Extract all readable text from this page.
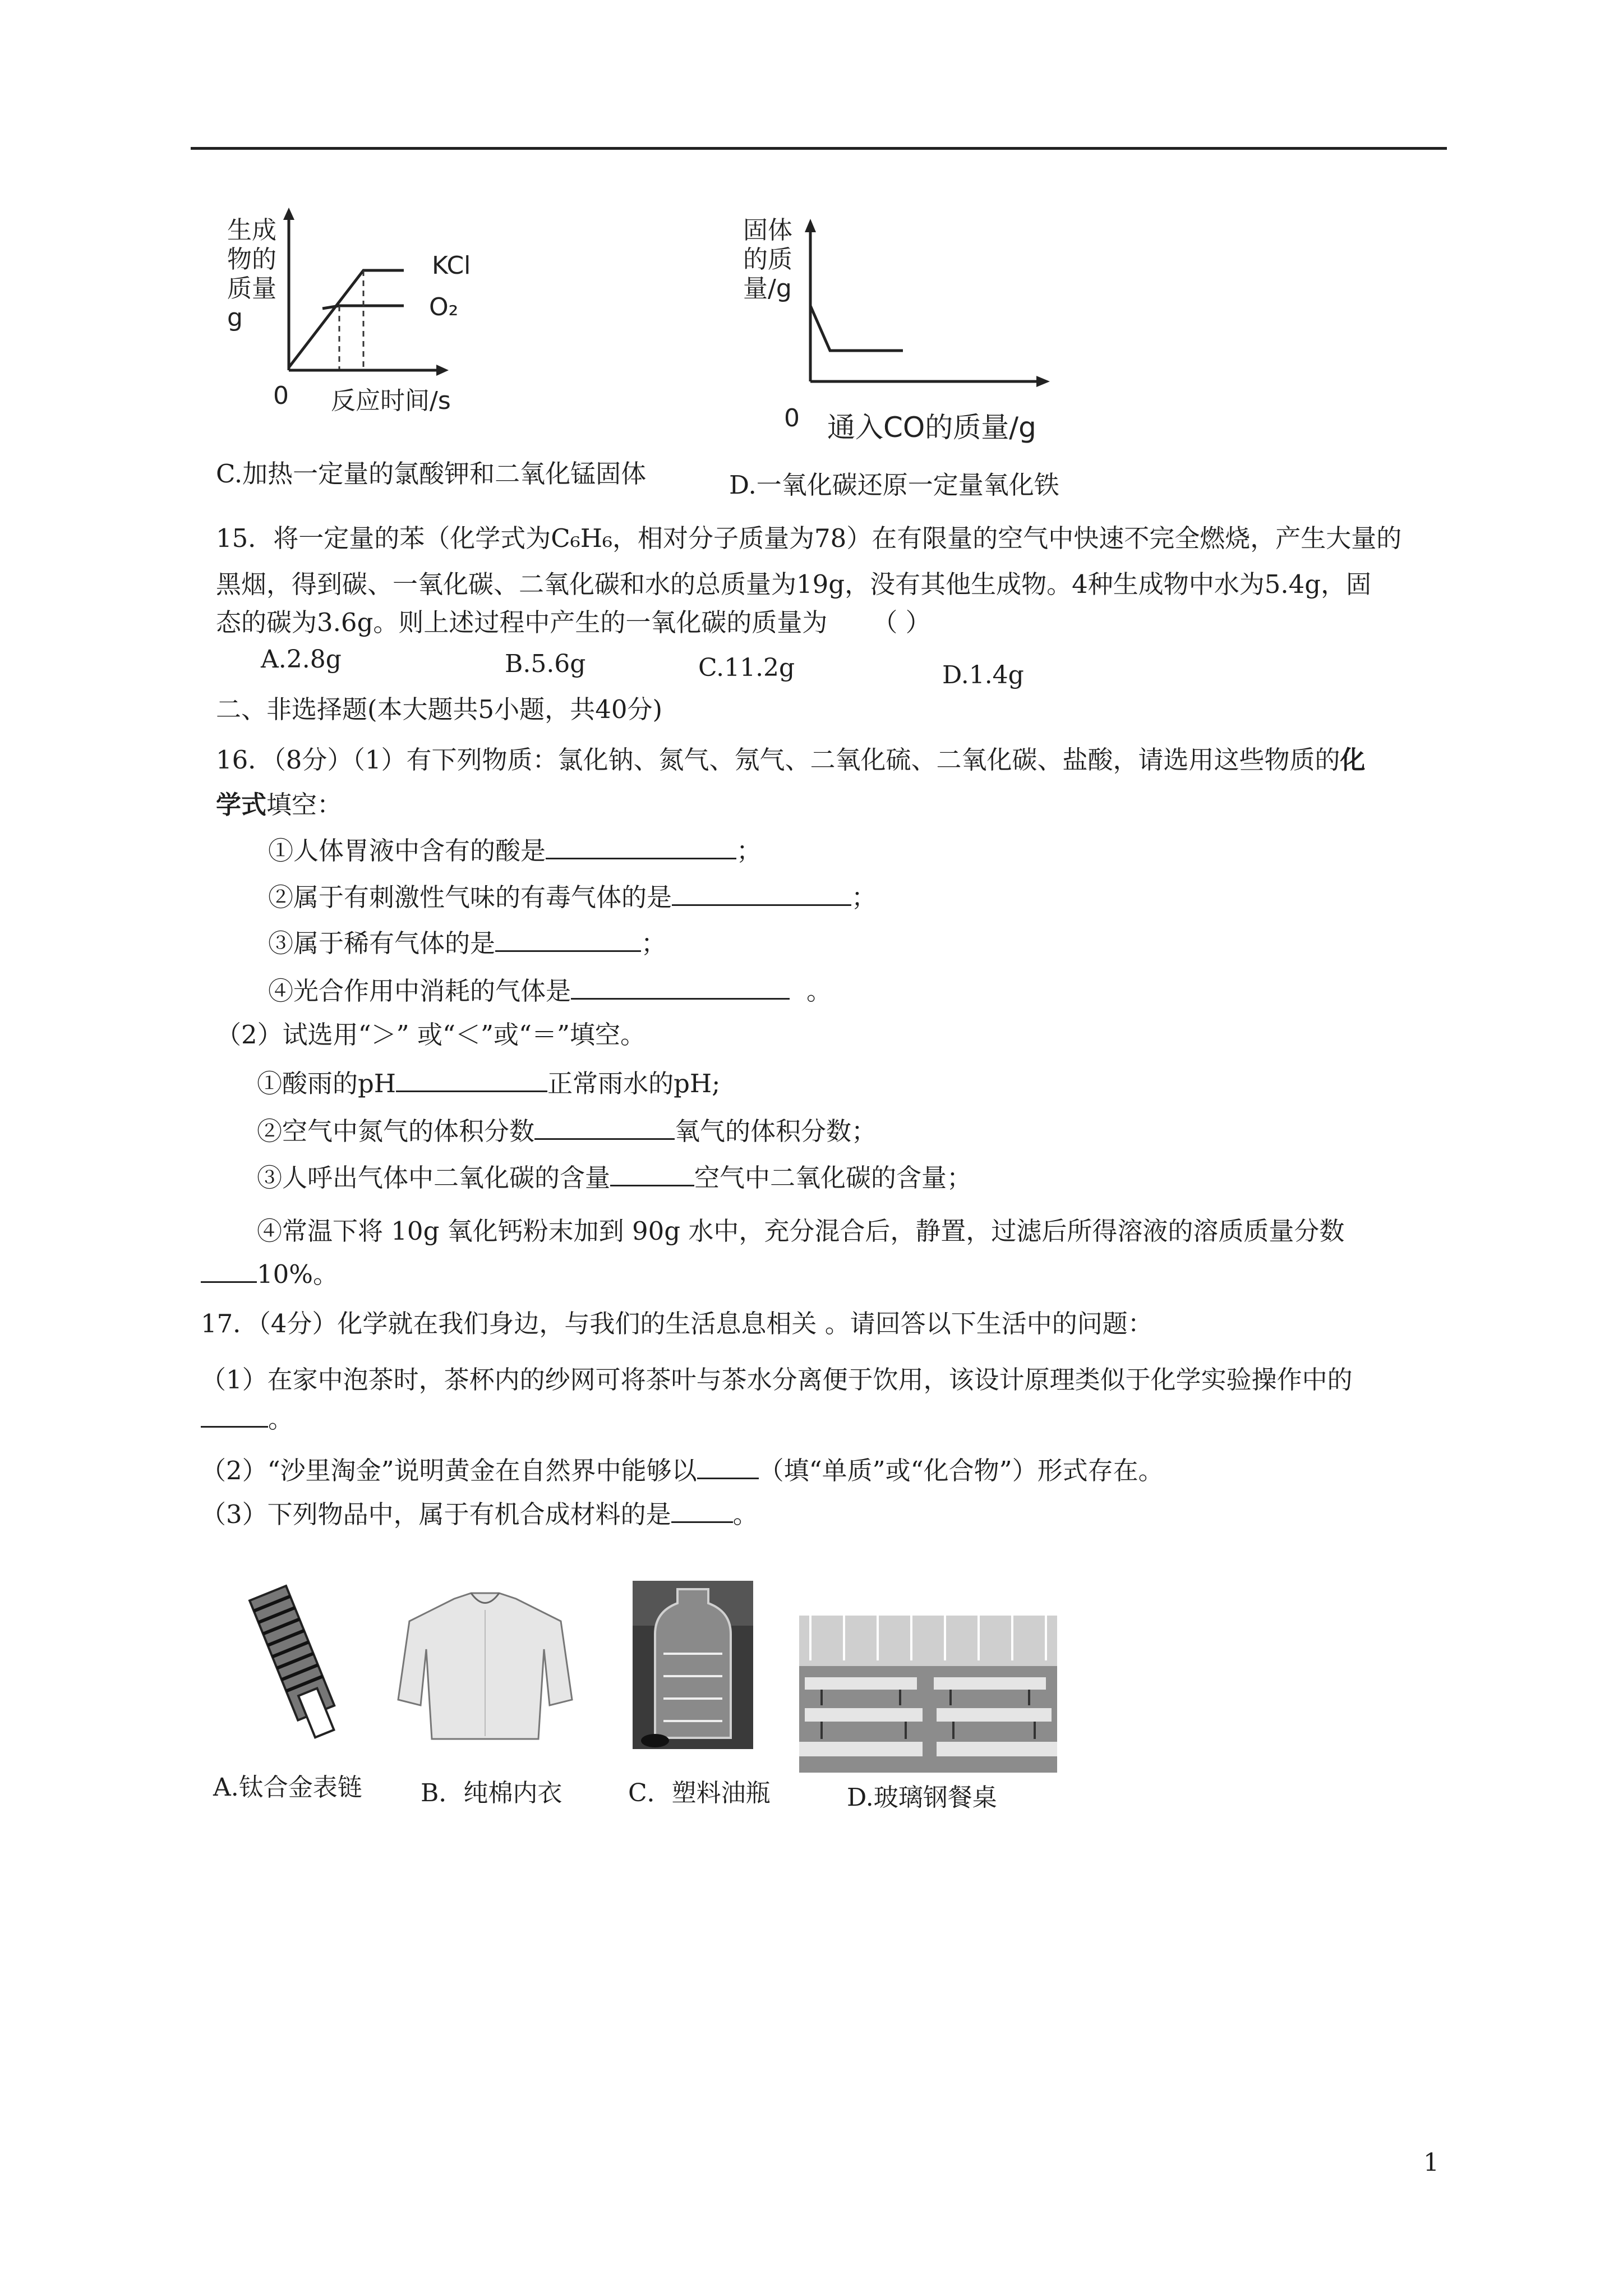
生成
物的
质量
g
KCl
O₂
0 反应时间/s
固体
的质
量/g
0 通入CO的质量/g
C.加热一定量的氯酸钾和二氧化锰固体	D.一氧化碳还原一定量氧化铁
15．将一定量的苯（化学式为C₆H₆，相对分子质量为78）在有限量的空气中快速不完全燃烧，产生大量的
黑烟，得到碳、一氧化碳、二氧化碳和水的总质量为19g，没有其他生成物。4种生成物中水为5.4g，固
态的碳为3.6g。则上述过程中产生的一氧化碳的质量为 （ ）
A.2.8g	B.5.6g	C.11.2g	D.1.4g
二、非选择题(本大题共5小题，共40分)
16．（8分）（1）有下列物质：氯化钠、氮气、氖气、二氧化硫、二氧化碳、盐酸，请选用这些物质的化
学式填空：
①人体胃液中含有的酸是	；
②属于有刺激性气味的有毒气体的是	；
③属于稀有气体的是	；
④光合作用中消耗的气体是	。
（2）试选用“＞” 或“＜”或“＝”填空。
①酸雨的pH	正常雨水的pH;
②空气中氮气的体积分数	氧气的体积分数；
③人呼出气体中二氧化碳的含量	空气中二氧化碳的含量；
④常温下将 10g 氧化钙粉末加到 90g 水中，充分混合后，静置，过滤后所得溶液的溶质质量分数
10%。
17．（4分）化学就在我们身边，与我们的生活息息相关 。请回答以下生活中的问题：
（1）在家中泡茶时，茶杯内的纱网可将茶叶与茶水分离便于饮用，该设计原理类似于化学实验操作中的
。
（2）“沙里淘金”说明黄金在自然界中能够以 （填“单质”或“化合物”）形式存在。
（3）下列物品中，属于有机合成材料的是 。
A.钛合金表链 B．纯棉内衣	C．塑料油瓶	D.玻璃钢餐桌
1
